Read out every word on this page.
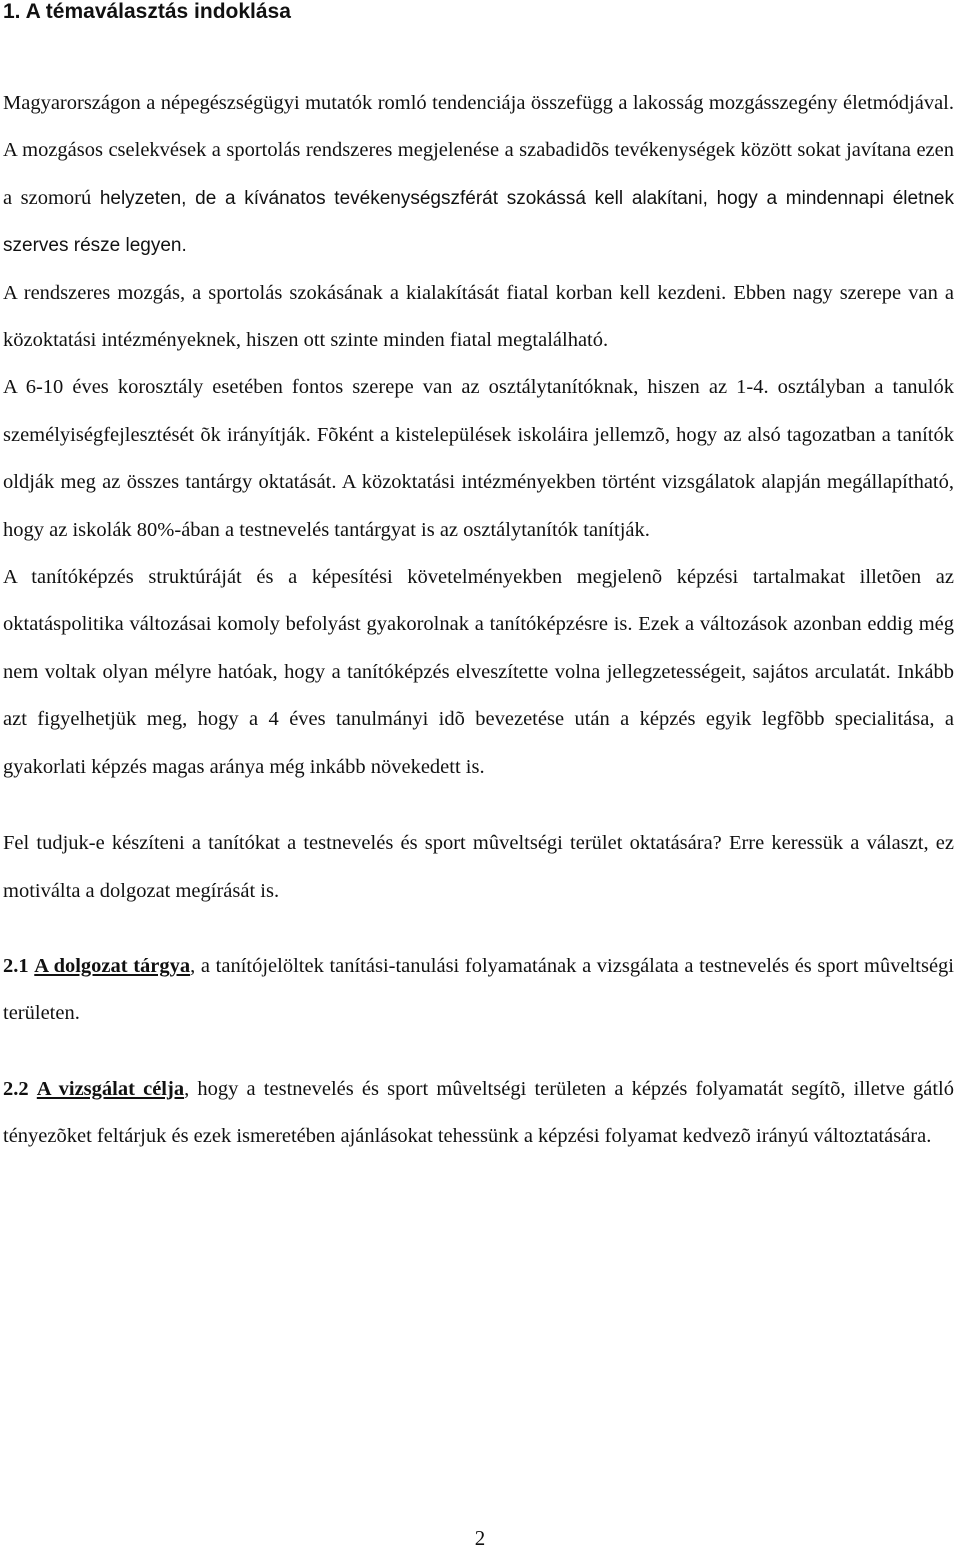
1. A témaválasztás indoklása

Magyarországon a népegészségügyi mutatók romló tendenciája összefügg a lakosság mozgásszegény életmódjával. A mozgásos cselekvések a sportolás rendszeres megjelenése a szabadidõs tevékenységek között sokat javítana ezen a szomorú helyzeten, de a kívánatos tevékenységszférát szokássá kell alakítani, hogy a mindennapi életnek szerves része legyen.

A rendszeres mozgás, a sportolás szokásának a kialakítását fiatal korban kell kezdeni. Ebben nagy szerepe van a közoktatási intézményeknek, hiszen ott szinte minden fiatal megtalálható.

A 6-10 éves korosztály esetében fontos szerepe van az osztálytanítóknak, hiszen az 1-4. osztályban a tanulók személyiségfejlesztését õk irányítják. Fõként a kistelepülések iskoláira jellemzõ, hogy az alsó tagozatban a tanítók oldják meg az összes tantárgy oktatását. A közoktatási intézményekben történt vizsgálatok alapján megállapítható, hogy az iskolák 80%-ában a testnevelés tantárgyat is az osztálytanítók tanítják.

A tanítóképzés struktúráját és a képesítési követelményekben megjelenõ képzési tartalmakat illetõen az oktatáspolitika változásai komoly befolyást gyakorolnak a tanítóképzésre is. Ezek a változások azonban eddig még nem voltak olyan mélyre hatóak, hogy a tanítóképzés elveszítette volna jellegzetességeit, sajátos arculatát. Inkább azt figyelhetjük meg, hogy a 4 éves tanulmányi idõ bevezetése után a képzés egyik legfõbb specialitása, a gyakorlati képzés magas aránya még inkább növekedett is.

Fel tudjuk-e készíteni a tanítókat a testnevelés és sport mûveltségi terület oktatására? Erre keressük a választ, ez motiválta a dolgozat megírását is.

2.1 A dolgozat tárgya, a tanítójelöltek tanítási-tanulási folyamatának a vizsgálata a testnevelés és sport mûveltségi területen.

2.2 A vizsgálat célja, hogy a testnevelés és sport mûveltségi területen a képzés folyamatát segítõ, illetve gátló tényezõket feltárjuk és ezek ismeretében ajánlásokat tehessünk a képzési folyamat kedvezõ irányú változtatására.

2
